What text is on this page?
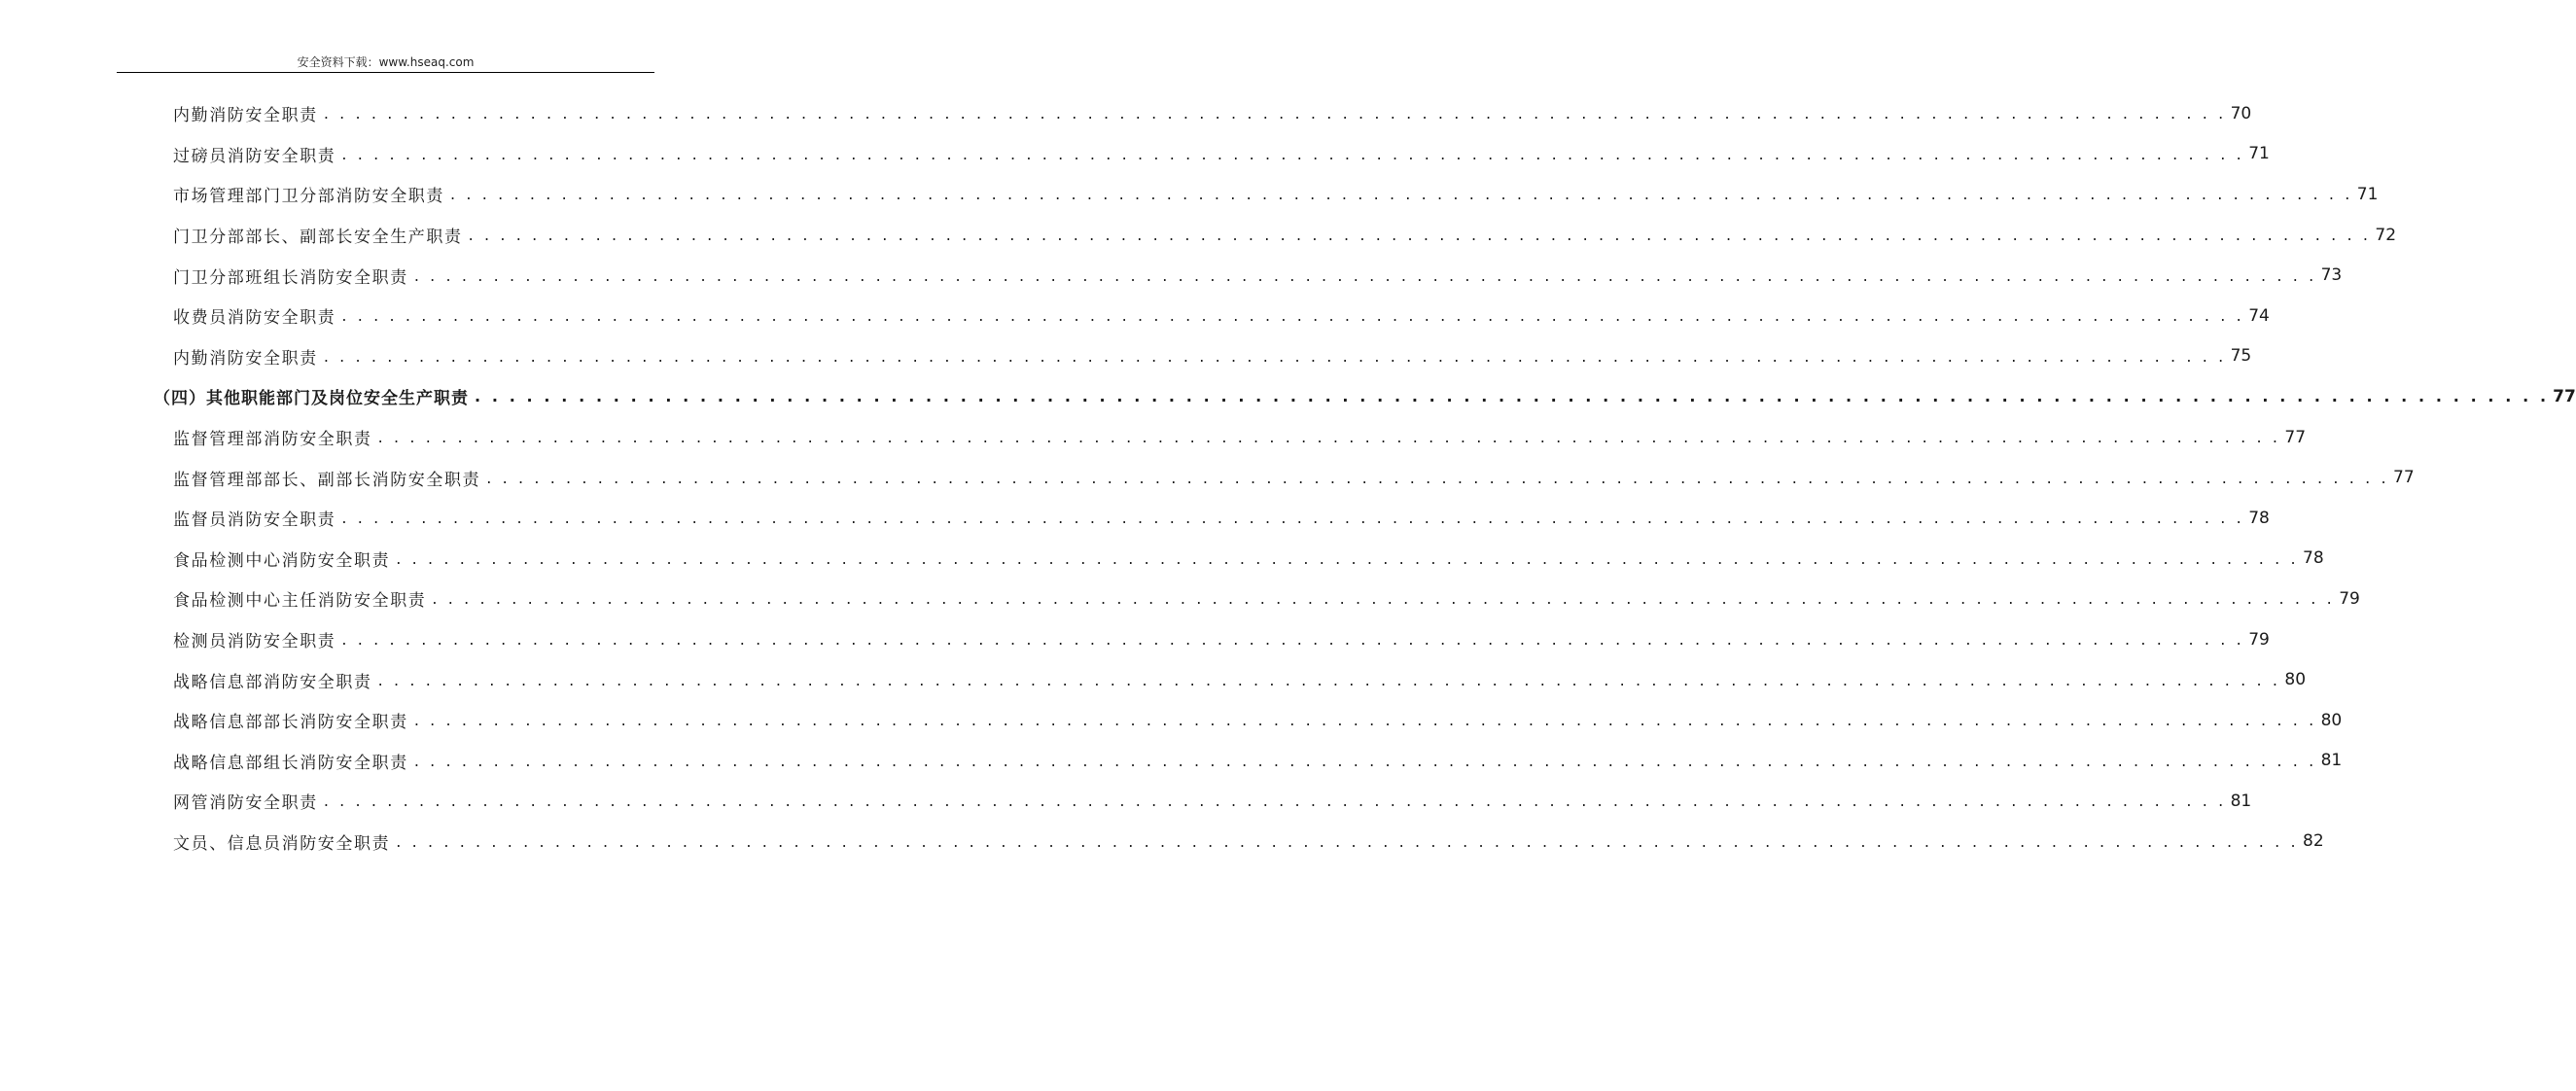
安全资料下载：www.hseaq.com
内勤消防安全职责 . . . . . . . . . . . . . . . . . . . . . . . . . . . . . . . . . . . . . . . . . . . . . . . . . . . . . . . . . . . . . . . . . . . . . . . . . . . . . . . . . . . . . . . . . . . . . . . . . . . . . . . . . . . . . . . . . . . . . . . . 70
过磅员消防安全职责 . . . . . . . . . . . . . . . . . . . . . . . . . . . . . . . . . . . . . . . . . . . . . . . . . . . . . . . . . . . . . . . . . . . . . . . . . . . . . . . . . . . . . . . . . . . . . . . . . . . . . . . . . . . . . . . . . . . . . . . . 71
市场管理部门卫分部消防安全职责 . . . . . . . . . . . . . . . . . . . . . . . . . . . . . . . . . . . . . . . . . . . . . . . . . . . . . . . . . . . . . . . . . . . . . . . . . . . . . . . . . . . . . . . . . . . . . . . . . . . . . . . . . . . . . . . . . . . . . . . . 71
门卫分部部长、副部长安全生产职责 . . . . . . . . . . . . . . . . . . . . . . . . . . . . . . . . . . . . . . . . . . . . . . . . . . . . . . . . . . . . . . . . . . . . . . . . . . . . . . . . . . . . . . . . . . . . . . . . . . . . . . . . . . . . . . . . . . . . . . . . 72
门卫分部班组长消防安全职责 . . . . . . . . . . . . . . . . . . . . . . . . . . . . . . . . . . . . . . . . . . . . . . . . . . . . . . . . . . . . . . . . . . . . . . . . . . . . . . . . . . . . . . . . . . . . . . . . . . . . . . . . . . . . . . . . . . . . . . . . 73
收费员消防安全职责 . . . . . . . . . . . . . . . . . . . . . . . . . . . . . . . . . . . . . . . . . . . . . . . . . . . . . . . . . . . . . . . . . . . . . . . . . . . . . . . . . . . . . . . . . . . . . . . . . . . . . . . . . . . . . . . . . . . . . . . . 74
内勤消防安全职责 . . . . . . . . . . . . . . . . . . . . . . . . . . . . . . . . . . . . . . . . . . . . . . . . . . . . . . . . . . . . . . . . . . . . . . . . . . . . . . . . . . . . . . . . . . . . . . . . . . . . . . . . . . . . . . . . . . . . . . . . 75
（四）其他职能部门及岗位安全生产职责 . . . . . . . . . . . . . . . . . . . . . . . . . . . . . . . . . . . . . . . . . . . . . . . . . . . . . . . . . . . . . . . . . . . . . . . . . . . . . . . . . . . . . . . . . . . . . . . . . . . . . . . . . . . . . . . . . . . . . . . . 77
监督管理部消防安全职责 . . . . . . . . . . . . . . . . . . . . . . . . . . . . . . . . . . . . . . . . . . . . . . . . . . . . . . . . . . . . . . . . . . . . . . . . . . . . . . . . . . . . . . . . . . . . . . . . . . . . . . . . . . . . . . . . . . . . . . . . 77
监督管理部部长、副部长消防安全职责 . . . . . . . . . . . . . . . . . . . . . . . . . . . . . . . . . . . . . . . . . . . . . . . . . . . . . . . . . . . . . . . . . . . . . . . . . . . . . . . . . . . . . . . . . . . . . . . . . . . . . . . . . . . . . . . . . . . . . . . . 77
监督员消防安全职责 . . . . . . . . . . . . . . . . . . . . . . . . . . . . . . . . . . . . . . . . . . . . . . . . . . . . . . . . . . . . . . . . . . . . . . . . . . . . . . . . . . . . . . . . . . . . . . . . . . . . . . . . . . . . . . . . . . . . . . . . 78
食品检测中心消防安全职责 . . . . . . . . . . . . . . . . . . . . . . . . . . . . . . . . . . . . . . . . . . . . . . . . . . . . . . . . . . . . . . . . . . . . . . . . . . . . . . . . . . . . . . . . . . . . . . . . . . . . . . . . . . . . . . . . . . . . . . . . 78
食品检测中心主任消防安全职责 . . . . . . . . . . . . . . . . . . . . . . . . . . . . . . . . . . . . . . . . . . . . . . . . . . . . . . . . . . . . . . . . . . . . . . . . . . . . . . . . . . . . . . . . . . . . . . . . . . . . . . . . . . . . . . . . . . . . . . . . 79
检测员消防安全职责 . . . . . . . . . . . . . . . . . . . . . . . . . . . . . . . . . . . . . . . . . . . . . . . . . . . . . . . . . . . . . . . . . . . . . . . . . . . . . . . . . . . . . . . . . . . . . . . . . . . . . . . . . . . . . . . . . . . . . . . . 79
战略信息部消防安全职责 . . . . . . . . . . . . . . . . . . . . . . . . . . . . . . . . . . . . . . . . . . . . . . . . . . . . . . . . . . . . . . . . . . . . . . . . . . . . . . . . . . . . . . . . . . . . . . . . . . . . . . . . . . . . . . . . . . . . . . . . 80
战略信息部部长消防安全职责 . . . . . . . . . . . . . . . . . . . . . . . . . . . . . . . . . . . . . . . . . . . . . . . . . . . . . . . . . . . . . . . . . . . . . . . . . . . . . . . . . . . . . . . . . . . . . . . . . . . . . . . . . . . . . . . . . . . . . . . . 80
战略信息部组长消防安全职责 . . . . . . . . . . . . . . . . . . . . . . . . . . . . . . . . . . . . . . . . . . . . . . . . . . . . . . . . . . . . . . . . . . . . . . . . . . . . . . . . . . . . . . . . . . . . . . . . . . . . . . . . . . . . . . . . . . . . . . . . 81
网管消防安全职责 . . . . . . . . . . . . . . . . . . . . . . . . . . . . . . . . . . . . . . . . . . . . . . . . . . . . . . . . . . . . . . . . . . . . . . . . . . . . . . . . . . . . . . . . . . . . . . . . . . . . . . . . . . . . . . . . . . . . . . . . 81
文员、信息员消防安全职责 . . . . . . . . . . . . . . . . . . . . . . . . . . . . . . . . . . . . . . . . . . . . . . . . . . . . . . . . . . . . . . . . . . . . . . . . . . . . . . . . . . . . . . . . . . . . . . . . . . . . . . . . . . . . . . . . . . . . . . . . 82
